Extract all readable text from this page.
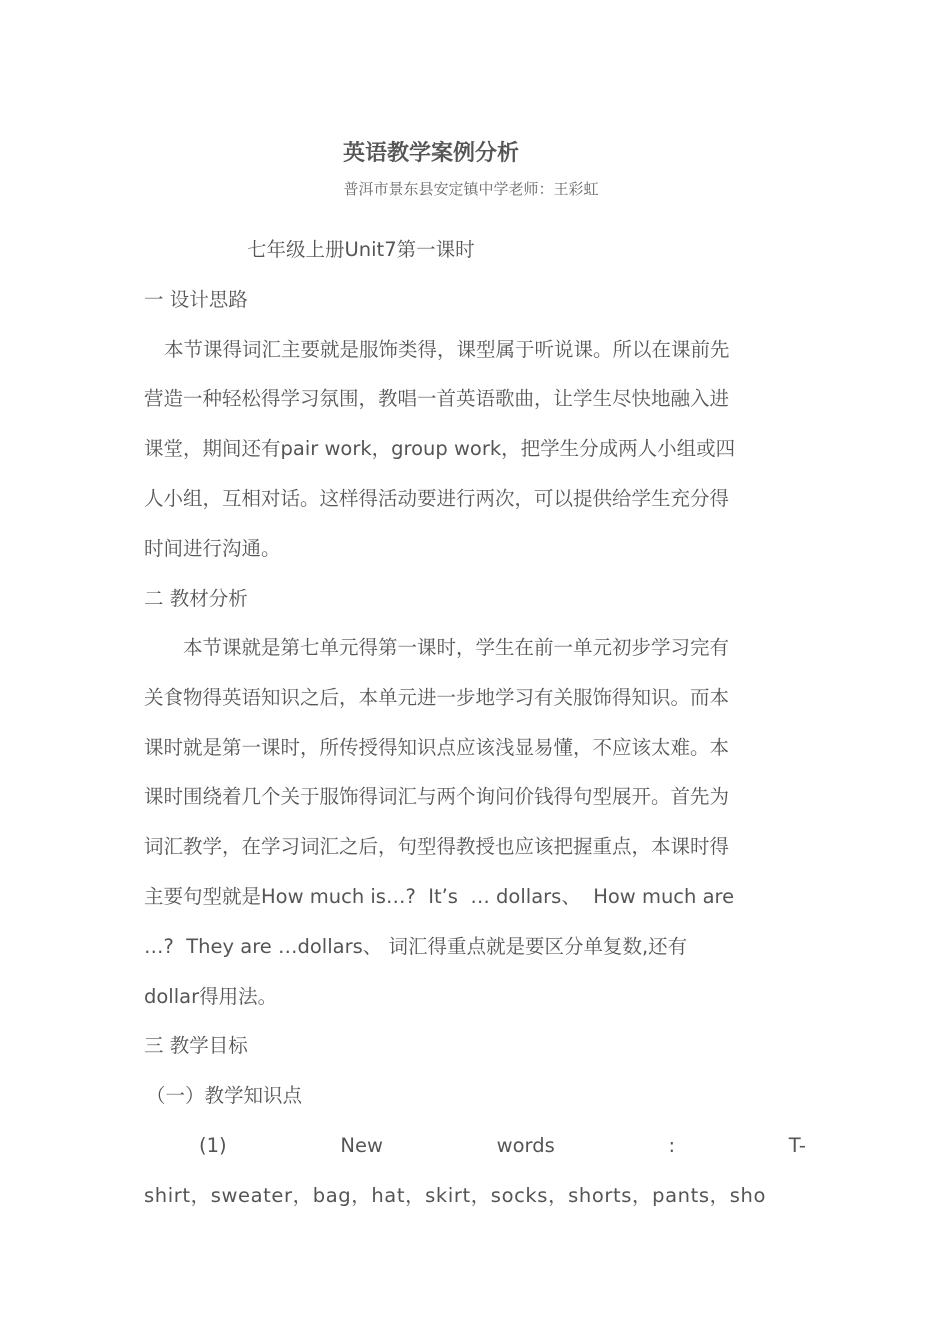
英语教学案例分析
普洱市景东县安定镇中学老师：王彩虹
七年级上册Unit7第一课时
一 设计思路
本节课得词汇主要就是服饰类得，课型属于听说课。所以在课前先
营造一种轻松得学习氛围，教唱一首英语歌曲，让学生尽快地融入进
课堂，期间还有pair work，group work，把学生分成两人小组或四
人小组，互相对话。这样得活动要进行两次，可以提供给学生充分得
时间进行沟通。
二 教材分析
本节课就是第七单元得第一课时，学生在前一单元初步学习完有
关食物得英语知识之后，本单元进一步地学习有关服饰得知识。而本
课时就是第一课时，所传授得知识点应该浅显易懂，不应该太难。本
课时围绕着几个关于服饰得词汇与两个询问价钱得句型展开。首先为
词汇教学，在学习词汇之后，句型得教授也应该把握重点，本课时得
主要句型就是How much is…?  It’s  … dollars、  How much are
…?  They are …dollars、 词汇得重点就是要区分单复数,还有
dollar得用法。
三 教学目标
（一）教学知识点
(1)	New	words	:	T-
shirt，sweater，bag，hat，skirt，socks，shorts，pants，sho
